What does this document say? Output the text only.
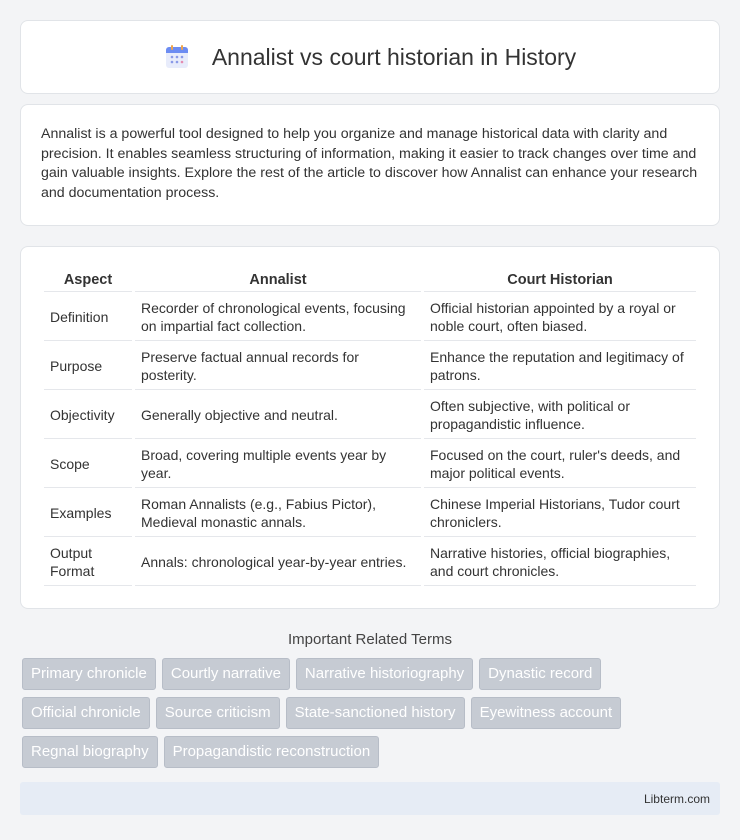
Annalist vs court historian in History

Annalist is a powerful tool designed to help you organize and manage historical data with clarity and precision. It enables seamless structuring of information, making it easier to track changes over time and gain valuable insights. Explore the rest of the article to discover how Annalist can enhance your research and documentation process.

Aspect	Annalist	Court Historian
Definition	Recorder of chronological events, focusing on impartial fact collection.	Official historian appointed by a royal or noble court, often biased.
Purpose	Preserve factual annual records for posterity.	Enhance the reputation and legitimacy of patrons.
Objectivity	Generally objective and neutral.	Often subjective, with political or propagandistic influence.
Scope	Broad, covering multiple events year by year.	Focused on the court, ruler's deeds, and major political events.
Examples	Roman Annalists (e.g., Fabius Pictor), Medieval monastic annals.	Chinese Imperial Historians, Tudor court chroniclers.
Output Format	Annals: chronological year-by-year entries.	Narrative histories, official biographies, and court chronicles.
Important Related Terms
Primary chronicle	Courtly narrative	Narrative historiography	Dynastic record
Official chronicle	Source criticism	State-sanctioned history	Eyewitness account
Regnal biography	Propagandistic reconstruction
Libterm.com
